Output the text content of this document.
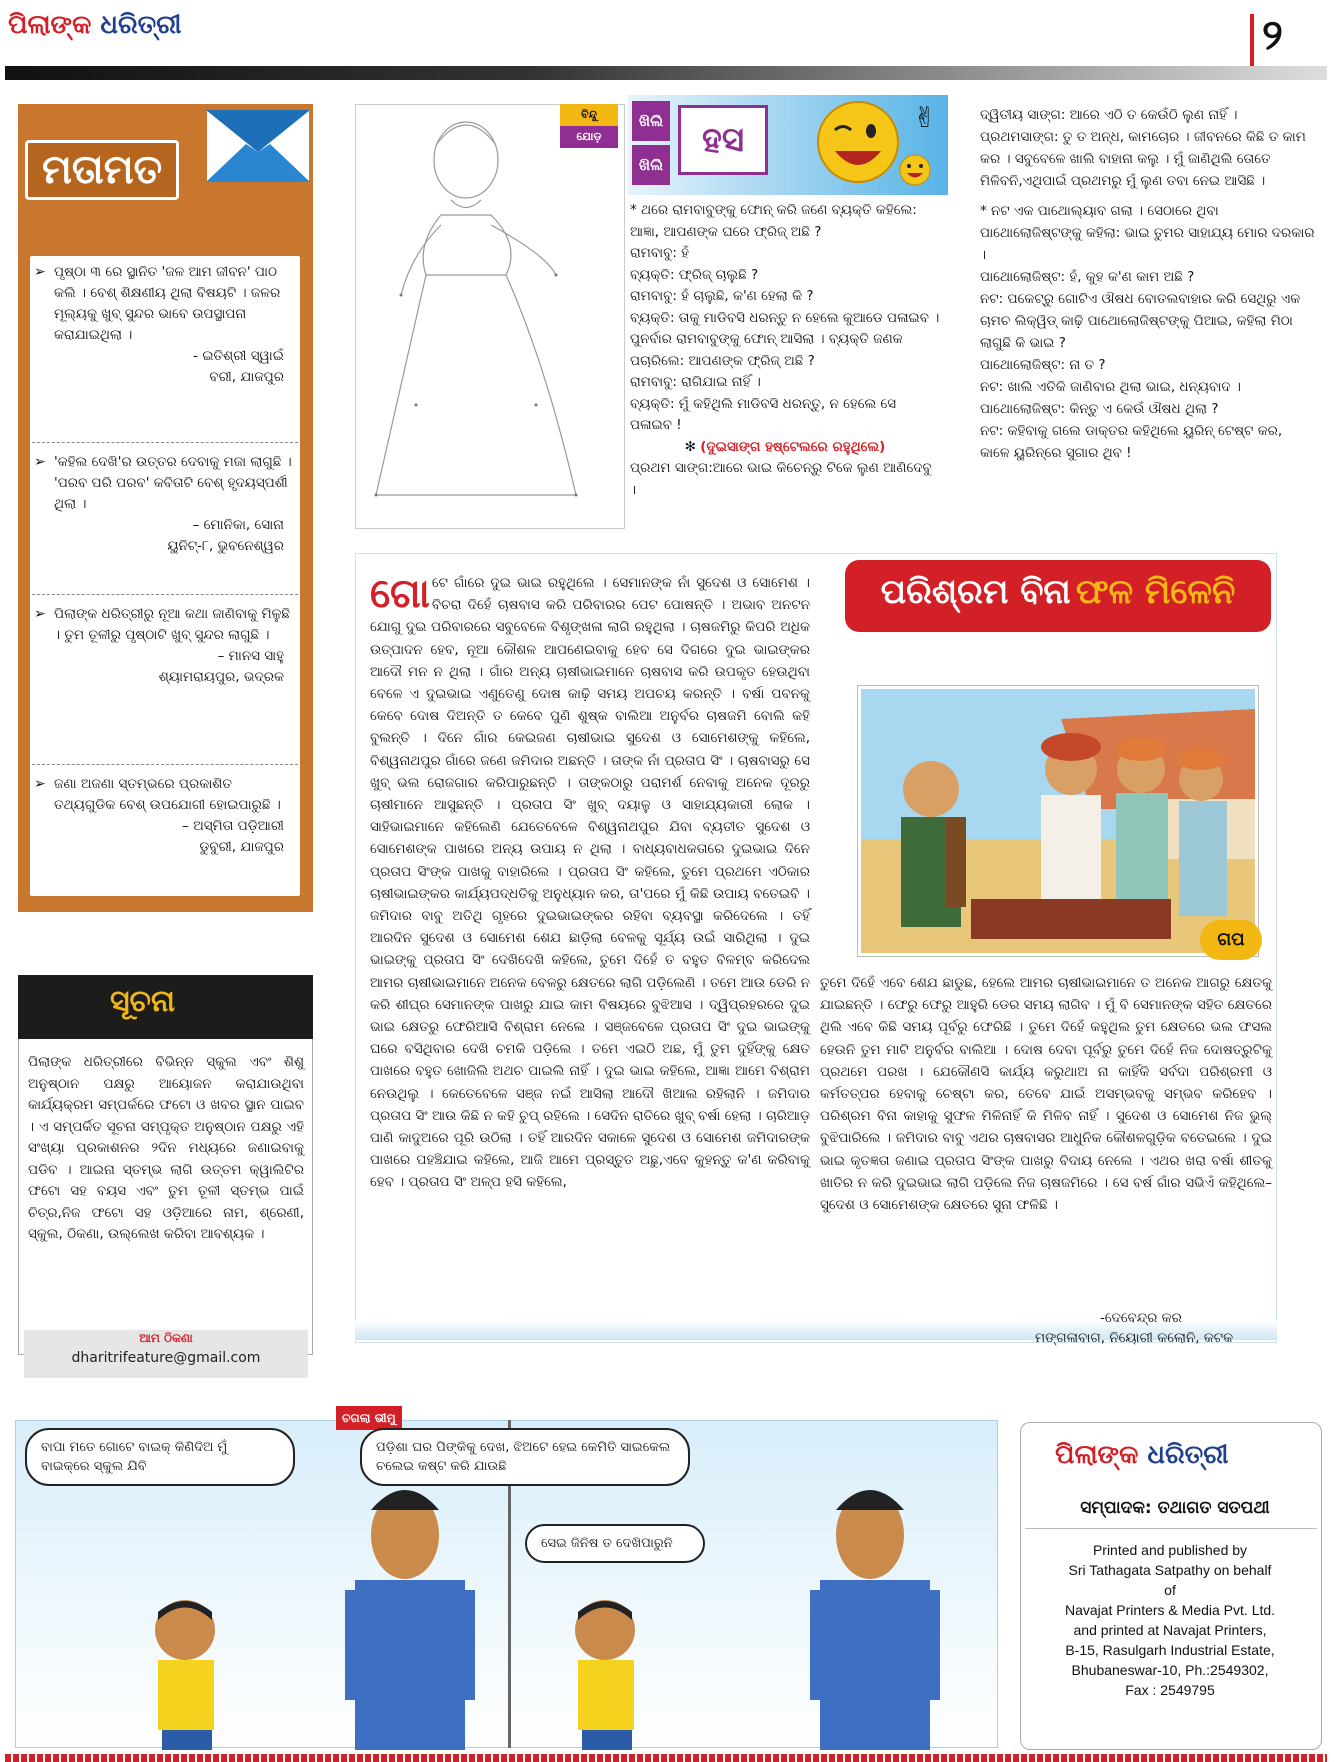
ପିଲାଙ୍କ ଧରିତ୍ରୀ	୨
ମତାମତ
➢ ପୃଷ୍ଠା ୩ ରେ ସ୍ଥାନିତ 'ଜଳ ଆମ ଜୀବନ' ପାଠ କଲି । ବେଶ୍ ଶିକ୍ଷଣୀୟ ଥିଲା ବିଷୟଟି । ଜଳର ମୂଲ୍ୟକୁ ଖୁବ୍ ସୁନ୍ଦର ଭାବେ ଉପସ୍ଥାପନା କରାଯାଇଥିଲା ।
- ଇତିଶ୍ରୀ ସ୍ୱାଇଁ
ବରୀ, ଯାଜପୁର
➢ 'କହିଲ ଦେଖି'ର ଉତ୍ତର ଦେବାକୁ ମଜା ଲାଗୁଛି । 'ପରବ ପରି ପରବ' କବିତାଟି ବେଶ୍ ହୃଦୟସ୍ପର୍ଶୀ ଥିଲା ।
– ମୋନିକା, ସୋନା
ୟୁନିଟ୍-୮, ଭୁବନେଶ୍ୱର
➢ ପିଲାଙ୍କ ଧରିତ୍ରୀରୁ ନୂଆ କଥା ଜାଣିବାକୁ ମିଳୁଛି । ତୁମ ତୂଳୀରୁ ପୃଷ୍ଠାଟି ଖୁବ୍ ସୁନ୍ଦର ଲାଗୁଛି ।
– ମାନସ ସାହୁ
ଶ୍ୟାମରାୟପୁର, ଭଦ୍ରକ
➢ ଜଣା ଅଜଣା ସ୍ତମ୍ଭରେ ପ୍ରକାଶିତ ତଥ୍ୟଗୁଡିକ ବେଶ୍ ଉପଯୋଗୀ ହୋଇପାରୁଛି ।
– ଅସ୍ମିତା ପଡ଼ିଆରୀ
ଡୁବୁରୀ, ଯାଜପୁର
ସୂଚନା
ପିଲାଙ୍କ ଧରିତ୍ରୀରେ ବିଭିନ୍ନ ସ୍କୁଲ ଏବଂ ଶିଶୁ ଅନୁଷ୍ଠାନ ପକ୍ଷରୁ ଆୟୋଜନ କରାଯାଉଥିବା କାର୍ଯ୍ୟକ୍ରମ ସମ୍ପର୍କରେ ଫଟୋ ଓ ଖବର ସ୍ଥାନ ପାଇବ । ଏ ସମ୍ପର୍କିତ ସୂଚନା ସମ୍ପୃକ୍ତ ଅନୁଷ୍ଠାନ ପକ୍ଷରୁ ଏହି ସଂଖ୍ୟା ପ୍ରକାଶନର ୨ଦିନ ମଧ୍ୟରେ ଜଣାଇବାକୁ ପଡିବ । ଆଇନା ସ୍ତମ୍ଭ ଲାଗି ଉତ୍ତମ କ୍ୱାଲିଟିର ଫଟୋ ସହ ବୟସ ଏବଂ ତୁମ ତୂଳୀ ସ୍ତମ୍ଭ ପାଇଁ ଚିତ୍ର,ନିଜ ଫଟୋ ସହ ଓଡ଼ିଆରେ ନାମ, ଶ୍ରେଣୀ, ସ୍କୁଲ, ଠିକଣା, ଉଲ୍ଲେଖ କରିବା ଆବଶ୍ୟକ ।
ଆମ ଠିକଣା
dharitrifeature@gmail.com
ବିନ୍ଦୁ
ଯୋଡ଼
ଖିଲି
ଖିଲି
ହସ
✌

* ଥରେ ରାମବାବୁଙ୍କୁ ଫୋନ୍ କରି ଜଣେ ବ୍ୟକ୍ତି କହିଲେ: ଆଜ୍ଞା, ଆପଣଙ୍କ ଘରେ ଫ୍ରିଜ୍ ଅଛି ?

ରାମବାବୁ: ହଁ

ବ୍ୟକ୍ତି: ଫ୍ରିଜ୍ ଚାଲୁଛି ?

ରାମବାବୁ: ହଁ ଚାଲୁଛି, କ'ଣ ହେଲା କି ?

ବ୍ୟକ୍ତି: ତାକୁ ମାଡିବସି ଧରନ୍ତୁ ନ ହେଲେ କୁଆଡେ ପଳାଇବ ।

ପୁନର୍ବାର ରାମବାବୁଙ୍କୁ ଫୋନ୍ ଆସିଲା । ବ୍ୟକ୍ତି ଜଣକ ପଚାରିଲେ: ଆପଣଙ୍କ ଫ୍ରିଜ୍ ଅଛି ?

ରାମବାବୁ: ରାଗିଯାଇ ନାହିଁ ।

ବ୍ୟକ୍ତି: ମୁଁ କହିଥିଲି ମାଡିବସି ଧରନ୍ତୁ, ନ ହେଲେ ସେ ପଳାଇବ !

✻ (ଦୁଇସାଙ୍ଗ ହଷ୍ଟେଲରେ ରହୁଥିଲେ)

ପ୍ରଥମ ସାଙ୍ଗ:ଆରେ ଭାଇ କିଚେନ୍‌ରୁ ଟିକେ ଲୁଣ ଆଣିଦେବୁ ।

ଦ୍ୱିତୀୟ ସାଙ୍ଗ: ଆରେ ଏଠି ତ କେଉଁଠି ଲୁଣ ନାହିଁ ।

ପ୍ରଥମସାଙ୍ଗ: ତୁ ତ ଅନ୍ଧ, କାମଚୋର । ଜୀବନରେ କିଛି ତ କାମ କର । ସବୁବେଳେ ଖାଲି ବାହାନା କଲୁ । ମୁଁ ଜାଣିଥିଲି ତୋତେ ମିଳିବନି,ଏଥିପାଇଁ ପ୍ରଥମରୁ ମୁଁ ଲୁଣ ତବା ନେଇ ଆସିଛି ।

* ନଟ ଏକ ପାଥୋଲ୍ୟାବ ଗଲା । ସେଠାରେ ଥିବା ପାଥୋଲୋଜିଷ୍ଟଙ୍କୁ କହିଲା: ଭାଇ ତୁମର ସାହାଯ୍ୟ ମୋର ଦରକାର ।

ପାଥୋଲୋଜିଷ୍ଟ: ହଁ, କୁହ କ'ଣ କାମ ଅଛି ?

ନଟ: ପକେଟ୍‌ରୁ ଗୋଟିଏ ଔଷଧ ବୋତଲବାହାର କରି ସେଥିରୁ ଏକ ଚାମଚ ଲିକ୍ୱିଡ୍ କାଢ଼ି ପାଥୋଲୋଜିଷ୍ଟଙ୍କୁ ପିଆଇ, କହିଲା ମିଠା ଲାଗୁଛି କି ଭାଇ ?

ପାଥୋଲୋଜିଷ୍ଟ: ନା ତ ?

ନଟ: ଖାଲି ଏତିକି ଜାଣିବାର ଥିଲା ଭାଇ, ଧନ୍ୟବାଦ ।

ପାଥୋଲୋଜିଷ୍ଟ: କିନ୍ତୁ ଏ କେଉଁ ଔଷଧ ଥିଲା ?

ନଟ: କହିବାକୁ ଗଲେ ଡାକ୍ତର କହିଥିଲେ ୟୁରିନ୍ ଟେଷ୍ଟ କର, କାଳେ ୟୁରିନ୍‌ରେ ସୁଗାର ଥିବ !

ଗୋ ଟେ ଗାଁରେ ଦୁଇ ଭାଇ ରହୁଥିଲେ । ସେମାନଙ୍କ ନାଁ ସୁଦେଶ ଓ ସୋମେଶ । ବିଚରା ଦିହେଁ ଚାଷବାସ କରି ପରିବାରର ପେଟ ପୋଷନ୍ତି । ଅଭାବ ଅନଟନ ଯୋଗୁ ଦୁଇ ପରିବାରରେ ସବୁବେଳେ ବିଶୃଙ୍ଖଳା ଲାଗି ରହୁଥିଲା । ଚାଷଜମିରୁ କିପରି ଅଧିକ ଉତ୍ପାଦନ ହେବ, ନୂଆ କୌଶଳ ଆପଣେଇବାକୁ ହେବ ସେ ଦିଗରେ ଦୁଇ ଭାଇଙ୍କର ଆଦୌ ମନ ନ ଥିଲା । ଗାଁର ଅନ୍ୟ ଚାଷୀଭାଇମାନେ ଚାଷବାସ କରି ଉପକୃତ ହେଉଥିବା ବେଳେ ଏ ଦୁଇଭାଇ ଏଣୁତେଣୁ ଦୋଷ କାଢ଼ି ସମୟ ଅପଚୟ କରନ୍ତି । ବର୍ଷା ପବନକୁ କେବେ ଦୋଷ ଦିଅନ୍ତି ତ କେବେ ପୁଣି ଶୁଷ୍କ ବାଲିଆ ଅନୁର୍ବର ଚାଷଜମି ବୋଲି କହି ବୁଲନ୍ତି । ଦିନେ ଗାଁର କେଇଜଣ ଚାଷୀଭାଇ ସୁଦେଶ ଓ ସୋମେଶଙ୍କୁ କହିଲେ, ବିଶ୍ୱନାଥପୁର ଗାଁରେ ଜଣେ ଜମିଦାର ଅଛନ୍ତି । ତାଙ୍କ ନାଁ ପ୍ରତାପ ସିଂ । ଚାଷବାସରୁ ସେ ଖୁବ୍ ଭଲ ରୋଜଗାର କରିପାରୁଛନ୍ତି । ତାଙ୍କଠାରୁ ପରାମର୍ଶ ନେବାକୁ ଅନେକ ଦୂରରୁ ଚାଷୀମାନେ ଆସୁଛନ୍ତି । ପ୍ରତାପ ସିଂ ଖୁବ୍ ଦୟାଳୁ ଓ ସାହାଯ୍ୟକାରୀ ଲୋକ । ସାହିଭାଇମାନେ କହିଲେଣି ଯେତେବେଳେ ବିଶ୍ୱନାଥପୁର ଯିବା ବ୍ୟତୀତ ସୁଦେଶ ଓ ସୋମେଶଙ୍କ ପାଖରେ ଅନ୍ୟ ଉପାୟ ନ ଥିଲା । ବାଧ୍ୟବାଧକତାରେ ଦୁଇଭାଇ ଦିନେ ପ୍ରତାପ ସିଂଙ୍କ ପାଖକୁ ବାହାରିଲେ । ପ୍ରତାପ ସିଂ କହିଲେ, ତୁମେ ପ୍ରଥମେ ଏଠିକାର ଚାଷୀଭାଇଙ୍କର କାର୍ଯ୍ୟପଦ୍ଧତିକୁ ଅନୁଧ୍ୟାନ କର, ତା'ପରେ ମୁଁ କିଛି ଉପାୟ ବତେଇବି । ଜମିଦାର ବାବୁ ଅତିଥି ଗୃହରେ ଦୁଇଭାଇଙ୍କର ରହିବା ବ୍ୟବସ୍ଥା କରିଦେଲେ । ତହିଁ ଆରଦିନ ସୁଦେଶ ଓ ସୋମେଶ ଶେଯ ଛାଡ଼ିଲା ବେଳକୁ ସୂର୍ଯ୍ୟ ଉଇଁ ସାରିଥିଲା । ଦୁଇ ଭାଇଙ୍କୁ ପ୍ରତାପ ସିଂ ଦେଖିଦେଖି କହିଲେ, ତୁମେ ଦିହେଁ ତ ବହୁତ ବିଳମ୍ବ କରିଦେଲ ଆମର ଚାଷୀଭାଇମାନେ ଅନେକ ବେଳରୁ କ୍ଷେତରେ ଲାଗି ପଡ଼ିଲେଣି । ତମେ ଆଉ ଡେରି ନ କରି ଶୀଘ୍ର ସେମାନଙ୍କ ପାଖରୁ ଯାଇ କାମ ବିଷୟରେ ବୁଝିଆସ । ଦ୍ୱିପ୍ରହରରେ ଦୁଇ ଭାଇ କ୍ଷେତରୁ ଫେରିଆସି ବିଶ୍ରାମ ନେଲେ । ସଞ୍ଜବେଳେ ପ୍ରତାପ ସିଂ ଦୁଇ ଭାଇଙ୍କୁ ଘରେ ବସିଥିବାର ଦେଖି ଚମକି ପଡ଼ିଲେ । ତମେ ଏଇଠି ଅଛ, ମୁଁ ତୁମ ଦୁହିଁଙ୍କୁ କ୍ଷେତ ପାଖରେ ବହୁତ ଖୋଜିଲି ଅଥଚ ପାଇଲି ନାହିଁ । ଦୁଇ ଭାଇ କହିଲେ, ଆଜ୍ଞା ଆମେ ବିଶ୍ରାମ ନେଉଥିଲୁ । କେତେବେଳେ ସଞ୍ଜ ନଇଁ ଆସିଲା ଆଦୌ ଖିଆଲ ରହିଲାନି । ଜମିଦାର ପ୍ରତାପ ସିଂ ଆଉ କିଛି ନ କହି ଚୁପ୍ ରହିଲେ । ସେଦିନ ରାତିରେ ଖୁବ୍ ବର୍ଷା ହେଲା । ଚାରିଆଡ଼ ପାଣି କାଦୁଅରେ ପୂରି ଉଠିଲା । ତହିଁ ଆରଦିନ ସକାଳେ ସୁଦେଶ ଓ ସୋମେଶ ଜମିଦାରଙ୍କ ପାଖରେ ପହଞ୍ଚିଯାଇ କହିଲେ, ଆଜି ଆମେ ପ୍ରସ୍ତୁତ ଅଛୁ,ଏବେ କୁହନ୍ତୁ କ'ଣ କରିବାକୁ ହେବ । ପ୍ରତାପ ସିଂ ଅଳ୍ପ ହସି କହିଲେ,
ପରିଶ୍ରମ ବିନା ଫଳ ମିଳେନି
ଗପ
ତୁମେ ଦିହେଁ ଏବେ ଶେଯ ଛାଡୁଛ, ହେଲେ ଆମର ଚାଷୀଭାଇମାନେ ତ ଅନେକ ଆଗରୁ କ୍ଷେତକୁ ଯାଇଛନ୍ତି । ଫେରୁ ଫେରୁ ଆହୁରି ଡେର ସମୟ ଲାଗିବ । ମୁଁ ବି ସେମାନଙ୍କ ସହିତ କ୍ଷେତରେ ଥିଲି ଏବେ କିଛି ସମୟ ପୂର୍ବରୁ ଫେରିଛି । ତୁମେ ଦିହେଁ କହୁଥିଲ ତୁମ କ୍ଷେତରେ ଭଲ ଫସଲ ହେଉନି ତୁମ ମାଟି ଅନୁର୍ବର ବାଲିଆ । ଦୋଷ ଦେବା ପୂର୍ବରୁ ତୁମେ ଦିହେଁ ନିଜ ଦୋଷତ୍ରୁଟିକୁ ପ୍ରଥମେ ପରଖ । ଯେକୌଣସି କାର୍ଯ୍ୟ କରୁଥାଅ ନା କାହିଁକି ସର୍ବଦା ପରିଶ୍ରମୀ ଓ କର୍ମତତ୍ପର ହେବାକୁ ଚେଷ୍ଟା କର, ତେବେ ଯାଇଁ ଅସମ୍ଭବକୁ ସମ୍ଭବ କରିହେବ । ପରିଶ୍ରମ ବିନା କାହାକୁ ସୁଫଳ ମିଳିନାହିଁ କି ମିଳିବ ନାହିଁ । ସୁଦେଶ ଓ ସୋମେଶ ନିଜ ଭୁଲ୍ ବୁଝିପାରିଲେ । ଜମିଦାର ବାବୁ ଏଥର ଚାଷବାସର ଆଧୁନିକ କୌଶଳଗୁଡ଼ିକ ବତେଇଲେ । ଦୁଇ ଭାଇ କୃତଜ୍ଞତା ଜଣାଇ ପ୍ରତାପ ସିଂଙ୍କ ପାଖରୁ ବିଦାୟ ନେଲେ । ଏଥର ଖରା ବର୍ଷା ଶୀତକୁ ଖାତିର ନ କରି ଦୁଇଭାଇ ଲାଗି ପଡ଼ିଲେ ନିଜ ଚାଷଜମିରେ । ସେ ବର୍ଷ ଗାଁର ସଭିଏଁ କହିଥିଲେ– ସୁଦେଶ ଓ ସୋମେଶଙ୍କ କ୍ଷେତରେ ସୁନା ଫଳିଛି ।
-ଦେବେନ୍ଦ୍ର କର
ମଙ୍ଗଳାବାଗ, ନିୟୋଗୀ କଲୋନି, କଟକ
ଚଗଲା ଭୀମୁ
ବାପା ମତେ ଗୋଟେ ବାଇକ୍ କିଣିଦିଅ ମୁଁ ବାଇକ୍‌ରେ ସ୍କୁଲ ଯିବି
ପଡ଼ିଶା ଘର ପିଙ୍କିକୁ ଦେଖ, ଝିଅଟେ ହେଇ କେମିତି ସାଇକେଲ ଚଲେଇ କଷ୍ଟ କରି ଯାଉଛି
ସେଇ ଜିନିଷ ତ ଦେଖିପାରୁନି
ପିଲାଙ୍କ ଧରିତ୍ରୀ
ସମ୍ପାଦକ: ତଥାଗତ ସତପଥୀ
Printed and published by
Sri Tathagata Satpathy on behalf
of
Navajat Printers & Media Pvt. Ltd.
and printed at Navajat Printers,
B-15, Rasulgarh Industrial Estate,
Bhubaneswar-10, Ph.:2549302,
Fax : 2549795
